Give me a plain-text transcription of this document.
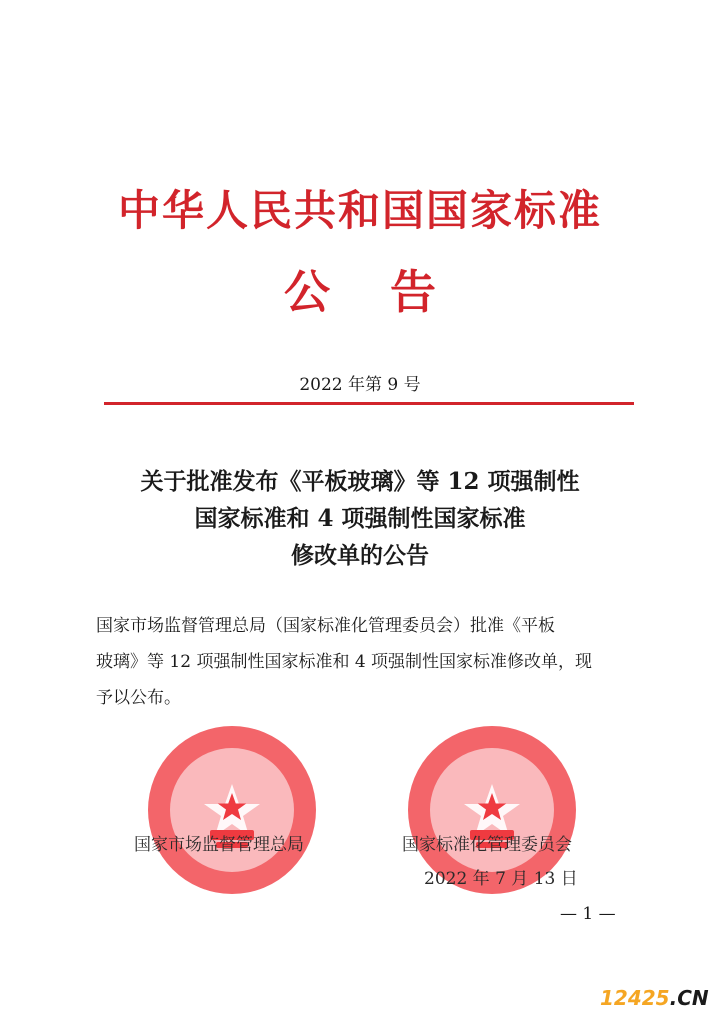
中华人民共和国国家标准
公告
2022 年第 9 号
关于批准发布《平板玻璃》等 12 项强制性
国家标准和 4 项强制性国家标准
修改单的公告
国家市场监督管理总局（国家标准化管理委员会）批准《平板
玻璃》等 12 项强制性国家标准和 4 项强制性国家标准修改单，现
予以公布。
国家市场监督管理总局	国家标准化管理委员会
2022 年 7 月 13 日
— 1 —
12425.CN
